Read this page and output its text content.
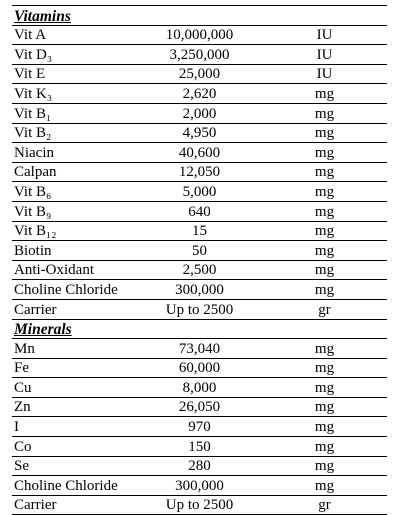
Vitamins		
Vit A	10,000,000	IU
Vit D₃	3,250,000	IU
Vit E	25,000	IU
Vit K₃	2,620	mg
Vit B₁	2,000	mg
Vit B₂	4,950	mg
Niacin	40,600	mg
Calpan	12,050	mg
Vit B₆	5,000	mg
Vit B₉	640	mg
Vit B₁₂	15	mg
Biotin	50	mg
Anti-Oxidant	2,500	mg
Choline Chloride	300,000	mg
Carrier	Up to 2500	gr
Minerals		
Mn	73,040	mg
Fe	60,000	mg
Cu	8,000	mg
Zn	26,050	mg
I	970	mg
Co	150	mg
Se	280	mg
Choline Chloride	300,000	mg
Carrier	Up to 2500	gr
